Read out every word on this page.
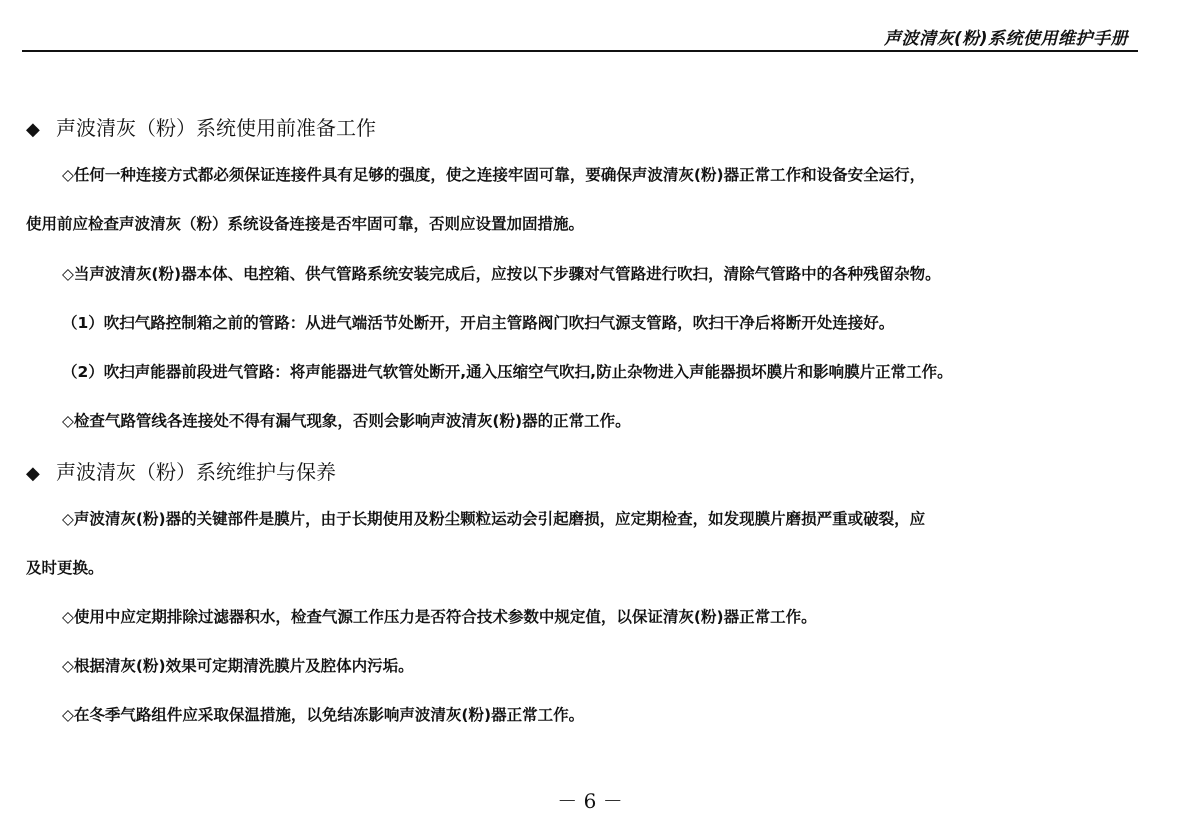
声波清灰(粉)系统使用维护手册
◆ 声波清灰（粉）系统使用前准备工作
◇任何一种连接方式都必须保证连接件具有足够的强度，使之连接牢固可靠，要确保声波清灰(粉)器正常工作和设备安全运行，
使用前应检查声波清灰（粉）系统设备连接是否牢固可靠，否则应设置加固措施。
◇当声波清灰(粉)器本体、电控箱、供气管路系统安装完成后，应按以下步骤对气管路进行吹扫，清除气管路中的各种残留杂物。
（1）吹扫气路控制箱之前的管路：从进气端活节处断开，开启主管路阀门吹扫气源支管路，吹扫干净后将断开处连接好。
（2）吹扫声能器前段进气管路：将声能器进气软管处断开,通入压缩空气吹扫,防止杂物进入声能器损坏膜片和影响膜片正常工作。
◇检查气路管线各连接处不得有漏气现象，否则会影响声波清灰(粉)器的正常工作。
◆ 声波清灰（粉）系统维护与保养
◇声波清灰(粉)器的关键部件是膜片，由于长期使用及粉尘颗粒运动会引起磨损，应定期检查，如发现膜片磨损严重或破裂，应
及时更换。
◇使用中应定期排除过滤器积水，检查气源工作压力是否符合技术参数中规定值，以保证清灰(粉)器正常工作。
◇根据清灰(粉)效果可定期清洗膜片及腔体内污垢。
◇在冬季气路组件应采取保温措施，以免结冻影响声波清灰(粉)器正常工作。
－ 6 －
